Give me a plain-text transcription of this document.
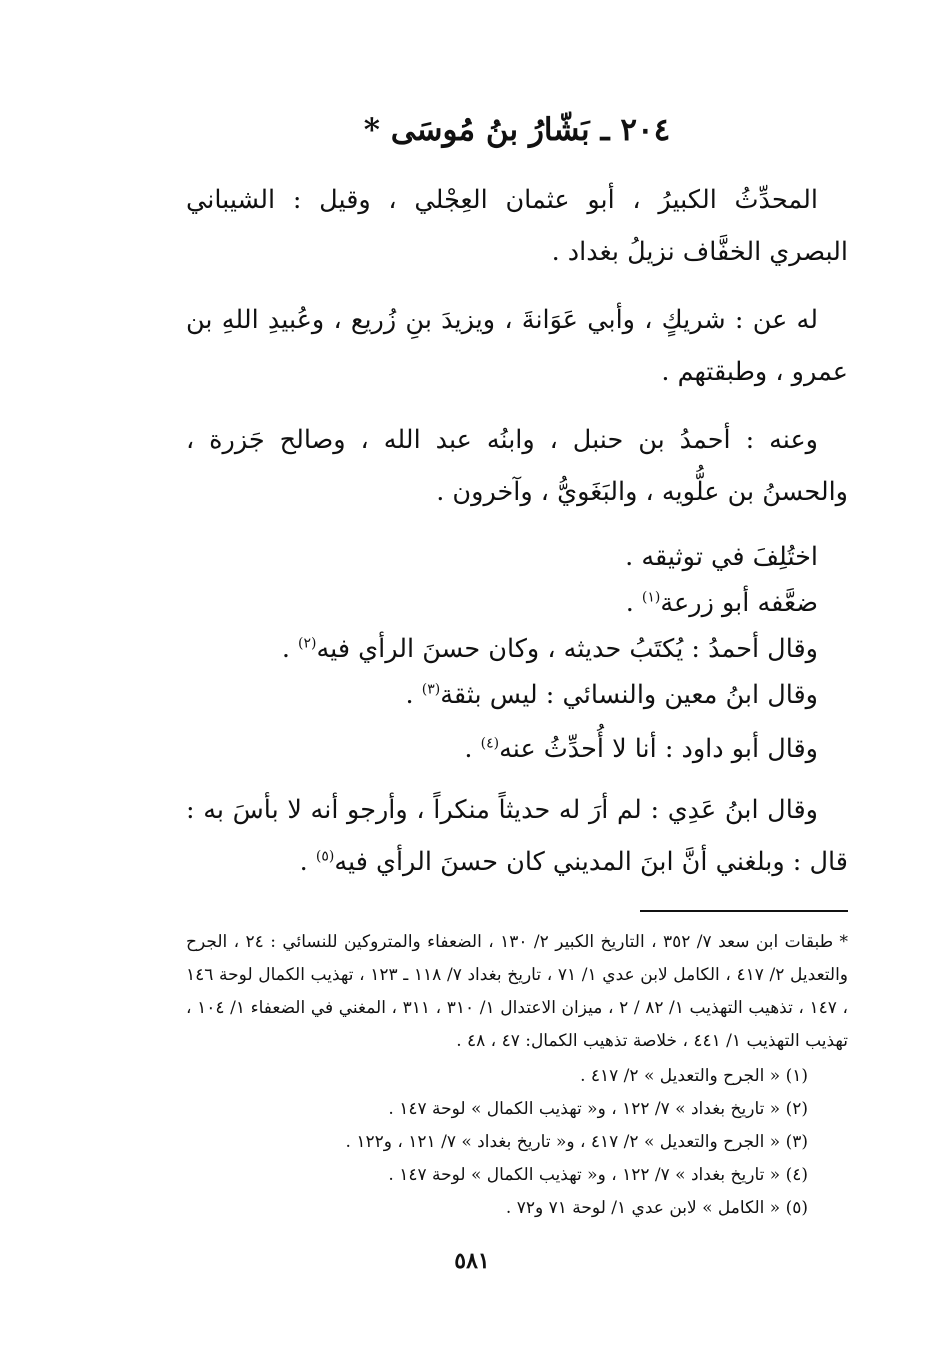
٢٠٤ ـ بَشّارُ بنُ مُوسَى *

المحدِّثُ الكبيرُ ، أبو عثمان العِجْلي ، وقيل : الشيباني البصري الخفَّاف نزيلُ بغداد .

له عن : شريكٍ ، وأبي عَوَانةَ ، ويزيدَ بنِ زُريع ، وعُبيدِ اللهِ بن عمرو ، وطبقتهم .

وعنه : أحمدُ بن حنبل ، وابنُه عبد الله ، وصالح جَزرة ، والحسنُ بن علُّويه ، والبَغَويُّ ، وآخرون .

اختُلِفَ في توثيقه .

ضعَّفه أبو زرعة$^{(١)}$ .

وقال أحمدُ : يُكتَبُ حديثه ، وكان حسنَ الرأي فيه$^{(٢)}$ .

وقال ابنُ معين والنسائي : ليس بثقة$^{(٣)}$ .

وقال أبو داود : أنا لا أُحدِّثُ عنه$^{(٤)}$ .

وقال ابنُ عَدِي : لم أرَ له حديثاً منكراً ، وأرجو أنه لا بأسَ به : قال : وبلغني أنَّ ابنَ المديني كان حسنَ الرأي فيه$^{(٥)}$ .

* طبقات ابن سعد ٧/ ٣٥٢ ، التاريخ الكبير ٢/ ١٣٠ ، الضعفاء والمتروكين للنسائي : ٢٤ ، الجرح والتعديل ٢/ ٤١٧ ، الكامل لابن عدي ١/ ٧١ ، تاريخ بغداد ٧/ ١١٨ ـ ١٢٣ ، تهذيب الكمال لوحة ١٤٦ ، ١٤٧ ، تذهيب التهذيب ١/ ٨٢ / ٢ ، ميزان الاعتدال ١/ ٣١٠ ، ٣١١ ، المغني في الضعفاء ١/ ١٠٤ ، تهذيب التهذيب ١/ ٤٤١ ، خلاصة تذهيب الكمال: ٤٧ ، ٤٨ .

(١) « الجرح والتعديل » ٢/ ٤١٧ .

(٢) « تاريخ بغداد » ٧/ ١٢٢ ، و« تهذيب الكمال » لوحة ١٤٧ .

(٣) « الجرح والتعديل » ٢/ ٤١٧ ، و« تاريخ بغداد » ٧/ ١٢١ ، و١٢٢ .

(٤) « تاريخ بغداد » ٧/ ١٢٢ ، و« تهذيب الكمال » لوحة ١٤٧ .

(٥) « الكامل » لابن عدي ١/ لوحة ٧١ و٧٢ .

٥٨١
